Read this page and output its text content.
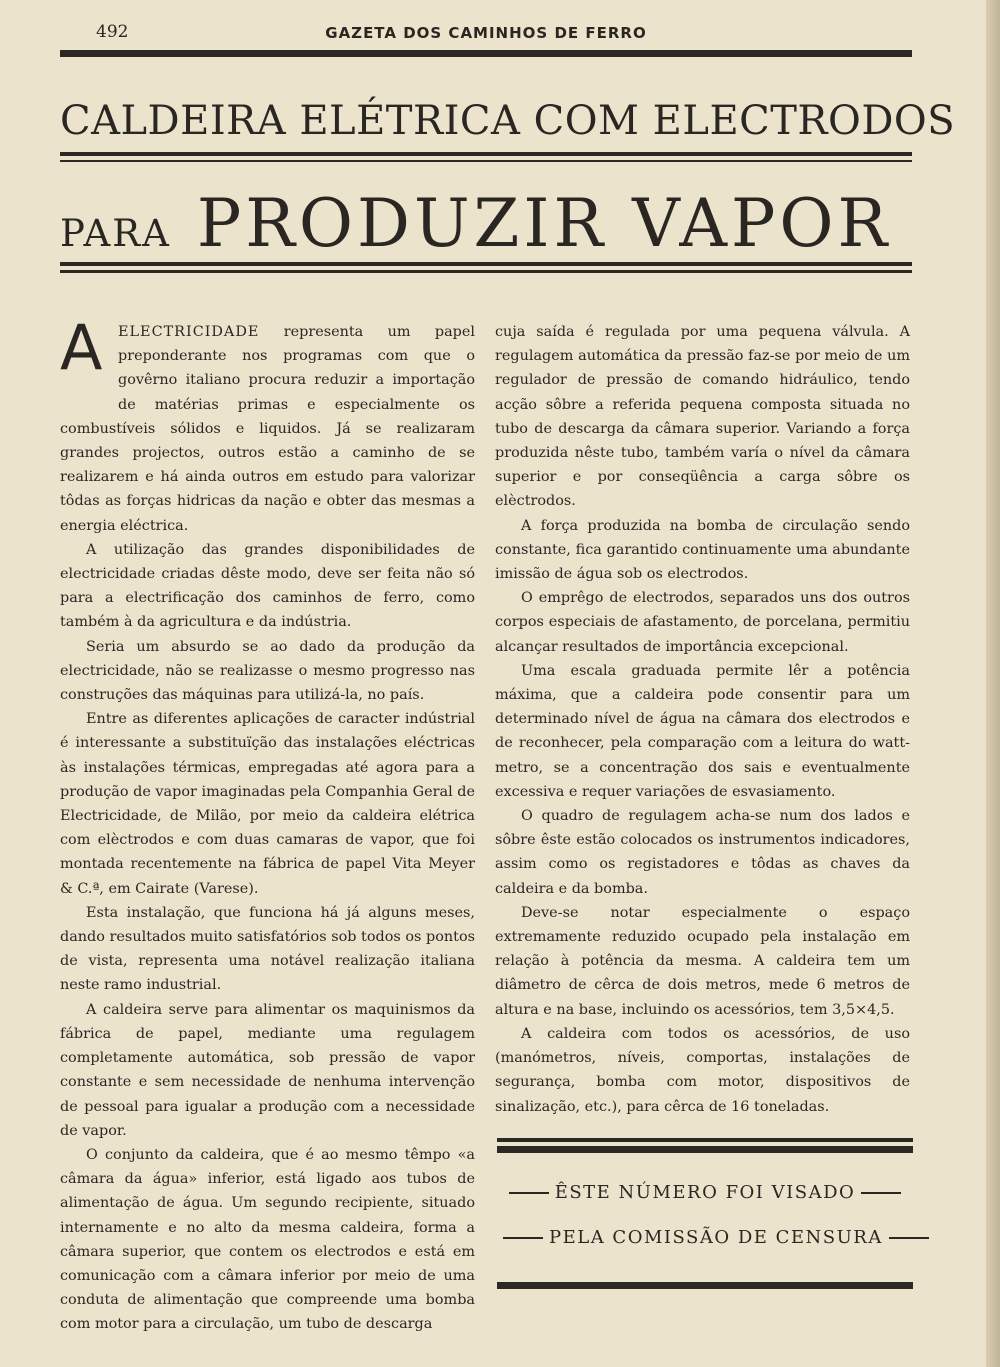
492	GAZETA DOS CAMINHOS DE FERRO
CALDEIRA ELÉTRICA COM ELECTRODOS
PARA PRODUZIR VAPOR

A ELECTRICIDADE representa um papel preponderante nos programas com que o govêrno italiano procura reduzir a importação de matérias primas e especialmente os combustíveis sólidos e liquidos. Já se realizaram grandes projectos, outros estão a caminho de se realizarem e há ainda outros em estudo para valorizar tôdas as forças hidricas da nação e obter das mesmas a energia eléctrica.

A utilização das grandes disponibilidades de electricidade criadas dêste modo, deve ser feita não só para a electrificação dos caminhos de ferro, como também à da agricultura e da indústria.

Seria um absurdo se ao dado da produção da electricidade, não se realizasse o mesmo progresso nas construções das máquinas para utilizá-la, no país.

Entre as diferentes aplicações de caracter indústrial é interessante a substituïção das instalações eléctricas às instalações térmicas, empregadas até agora para a produção de vapor imaginadas pela Companhia Geral de Electricidade, de Milão, por meio da caldeira elétrica com elèctrodos e com duas camaras de vapor, que foi montada recentemente na fábrica de papel Vita Meyer & C.ª, em Cairate (Varese).

Esta instalação, que funciona há já alguns meses, dando resultados muito satisfatórios sob todos os pontos de vista, representa uma notável realização italiana neste ramo industrial.

A caldeira serve para alimentar os maquinismos da fábrica de papel, mediante uma regulagem completamente automática, sob pressão de vapor constante e sem necessidade de nenhuma intervenção de pessoal para igualar a produção com a necessidade de vapor.

O conjunto da caldeira, que é ao mesmo têmpo «a câmara da água» inferior, está ligado aos tubos de alimentação de água. Um segundo recipiente, situado internamente e no alto da mesma caldeira, forma a câmara superior, que contem os electrodos e está em comunicação com a câmara inferior por meio de uma conduta de alimentação que compreende uma bomba com motor para a circulação, um tubo de descarga

cuja saída é regulada por uma pequena válvula. A regulagem automática da pressão faz-se por meio de um regulador de pressão de comando hidráulico, tendo acção sôbre a referida pequena composta situada no tubo de descarga da câmara superior. Variando a força produzida nêste tubo, também varía o nível da câmara superior e por conseqüência a carga sôbre os elèctrodos.

A força produzida na bomba de circulação sendo constante, fica garantido continuamente uma abundante imissão de água sob os electrodos.

O emprêgo de electrodos, separados uns dos outros corpos especiais de afastamento, de porcelana, permitiu alcançar resultados de importância excepcional.

Uma escala graduada permite lêr a potência máxima, que a caldeira pode consentir para um determinado nível de água na câmara dos electrodos e de reconhecer, pela comparação com a leitura do watt-metro, se a concentração dos sais e eventualmente excessiva e requer variações de esvasiamento.

O quadro de regulagem acha-se num dos lados e sôbre êste estão colocados os instrumentos indicadores, assim como os registadores e tôdas as chaves da caldeira e da bomba.

Deve-se notar especialmente o espaço extremamente reduzido ocupado pela instalação em relação à potência da mesma. A caldeira tem um diâmetro de cêrca de dois metros, mede 6 metros de altura e na base, incluindo os acessórios, tem 3,5×4,5.

A caldeira com todos os acessórios, de uso (manómetros, níveis, comportas, instalações de segurança, bomba com motor, dispositivos de sinalização, etc.), para cêrca de 16 toneladas.

ÊSTE NÚMERO FOI VISADO
PELA COMISSÃO DE CENSURA
